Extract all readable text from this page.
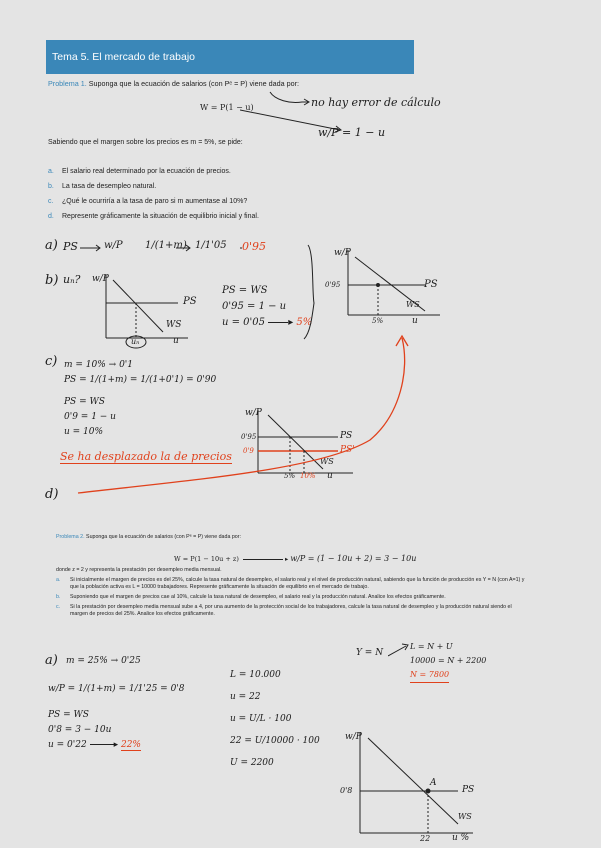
Tema 5. El mercado de trabajo
Problema 1. Suponga que la ecuación de salarios (con Pᵉ = P) viene dada por:
W = P(1 − u)	no hay error de cálculo
w/P = 1 − u
Sabiendo que el margen sobre los precios es m = 5%, se pide:
a. El salario real determinado por la ecuación de precios.
b. La tasa de desempleo natural.
c. ¿Qué le ocurriría a la tasa de paro si m aumentase al 10%?
d. Represente gráficamente la situación de equilibrio inicial y final.
a) PS	w/P 1/(1+m) 1/1'05 0'95
b) uₙ? w/P
PS
WS
uₙ	u
PS = WS
0'95 = 1 − u
u = 0'05 ▸ 5%
w/P
0'95	PS
WS
5%	u
c) m = 10% → 0'1
PS = 1/(1+m) = 1/(1+0'1) = 0'90
PS = WS
0'9 = 1 − u
u = 10%
Se ha desplazado la de precios
w/P
0'95
0'9
PS
PS'
WS
5% 10% u
d)
Problema 2. Suponga que la ecuación de salarios (con Pᵉ = P) viene dada por:
W = P(1 − 10u + z)	▸ w/P = (1 − 10u + 2) = 3 − 10u
donde z = 2 y representa la prestación por desempleo media mensual.
a.	Si inicialmente el margen de precios es del 25%, calcule la tasa natural de desempleo, el salario real y el nivel de producción natural, sabiendo que la función de producción es Y = N (con A=1) y que la población activa es L = 10000 trabajadores. Represente gráficamente la situación de equilibrio en el mercado de trabajo.
b.	Suponiendo que el margen de precios cae al 10%, calcule la tasa natural de desempleo, el salario real y la producción natural. Analice los efectos gráficamente.
c.	Si la prestación por desempleo media mensual sube a 4, por una aumento de la protección social de los trabajadores, calcule la tasa natural de desempleo y la producción natural siendo el margen de precios del 25%. Analice los efectos gráficamente.
a) m = 25% → 0'25
w/P = 1/(1+m) = 1/1'25 = 0'8
PS = WS
0'8 = 3 − 10u
u = 0'22	▸ 22%
L = 10.000
u = 22
u = U/L · 100
22 = U/10000 · 100
U = 2200
Y = N
L = N + U
10000 = N + 2200
N = 7800
w/P
0'8
A
PS
WS
22 u %
